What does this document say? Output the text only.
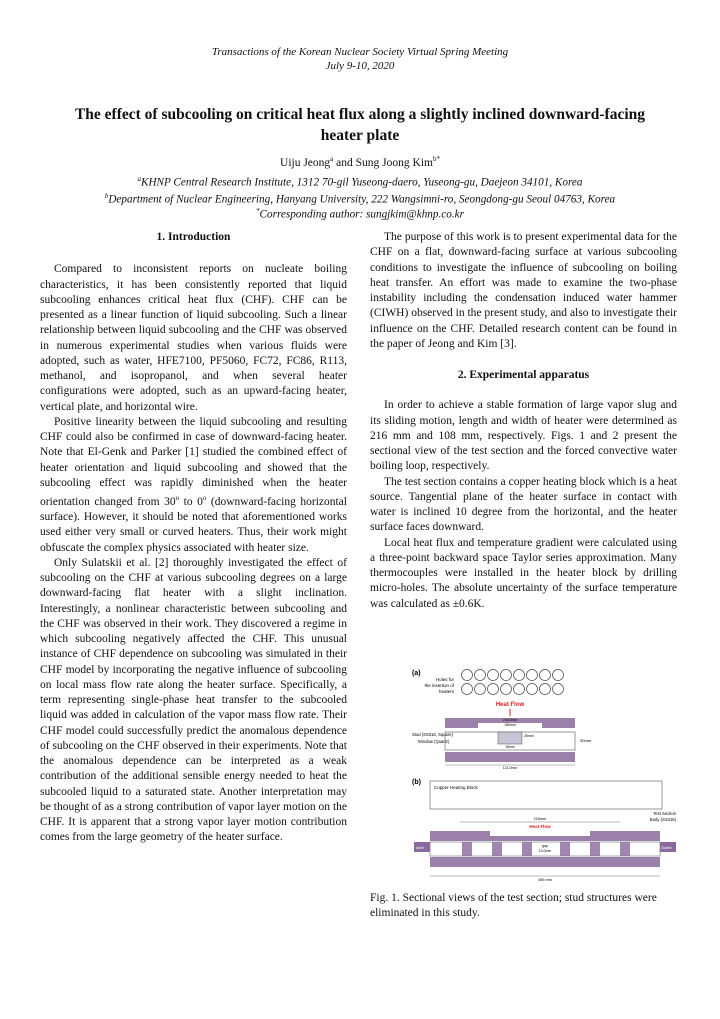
Transactions of the Korean Nuclear Society Virtual Spring Meeting
July 9-10, 2020
The effect of subcooling on critical heat flux along a slightly inclined downward-facing heater plate
Uiju Jeong$^a$ and Sung Joong Kim$^{b*}$
$^a$KHNP Central Research Institute, 1312 70-gil Yuseong-daero, Yuseong-gu, Daejeon 34101, Korea
$^b$Department of Nuclear Engineering, Hanyang University, 222 Wangsimni-ro, Seongdong-gu Seoul 04763, Korea
*Corresponding author: sungjkim@khnp.co.kr
1. Introduction

Compared to inconsistent reports on nucleate boiling characteristics, it has been consistently reported that liquid subcooling enhances critical heat flux (CHF). CHF can be presented as a linear function of liquid subcooling. Such a linear relationship between liquid subcooling and the CHF was observed in numerous experimental studies when various fluids were adopted, such as water, HFE7100, PF5060, FC72, FC86, R113, methanol, and isopropanol, and when several heater configurations were adopted, such as an upward-facing heater, vertical plate, and horizontal wire.

Positive linearity between the liquid subcooling and resulting CHF could also be confirmed in case of downward-facing heater. Note that El-Genk and Parker [1] studied the combined effect of heater orientation and liquid subcooling and showed that the subcooling effect was rapidly diminished when the heater orientation changed from 30$^o$ to 0$^o$ (downward-facing horizontal surface). However, it should be noted that aforementioned works used either very small or curved heaters. Thus, their work might obfuscate the complex physics associated with heater size.

Only Sulatskii et al. [2] thoroughly investigated the effect of subcooling on the CHF at various subcooling degrees on a large downward-facing flat heater with a slight inclination. Interestingly, a nonlinear characteristic between subcooling and the CHF was observed in their work. They discovered a regime in which subcooling negatively affected the CHF. This unusual instance of CHF dependence on subcooling was simulated in their CHF model by incorporating the negative influence of subcooling on local mass flow rate along the heater surface. Specifically, a term representing single-phase heat transfer to the subcooled liquid was added in calculation of the vapor mass flow rate. Their CHF model could successfully predict the anomalous dependence of subcooling on the CHF observed in their experiments. Note that the anomalous dependence can be interpreted as a weak contribution of the additional sensible energy needed to heat the subcooled liquid to a saturated state. Another interpretation may be thought of as a strong contribution of vapor layer motion on the CHF. It is apparent that a strong vapor layer motion contribution comes from the large geometry of the heater surface.

The purpose of this work is to present experimental data for the CHF on a flat, downward-facing surface at various subcooling conditions to investigate the influence of subcooling on boiling heat transfer. An effort was made to examine the two-phase instability including the condensation induced water hammer (CIWH) observed in the present study, and also to investigate their influence on the CHF. Detailed research content can be found in the paper of Jeong and Kim [3].

2. Experimental apparatus

In order to achieve a stable formation of large vapor slug and its sliding motion, length and width of heater were determined as 216 mm and 108 mm, respectively. Figs. 1 and 2 present the sectional view of the test section and the forced convective water boiling loop, respectively.

The test section contains a copper heating block which is a heat source. Tangential plane of the heater surface in contact with water is inclined 10 degree from the horizontal, and the heater surface faces downward.

Local heat flux and temperature gradient were calculated using a three-point backward space Taylor series approximation. Many thermocouples were installed in the heater block by drilling micro-holes. The absolute uncertainty of the surface temperature was calculated as ±0.6K.

(a)
Holes for
the insertion of
heaters
Heat Flow
216.0mm
180mm
Stud (SS316, Square)
Window (Quartz)
25mm
30mm
15mm
121.0mm
(b)
Copper Heating Block
Test Section
Body (SS316)
216mm
Heat Flow
Inlet	Outlet
gap
10.0mm
455 mm
Fig. 1. Sectional views of the test section; stud structures were eliminated in this study.
